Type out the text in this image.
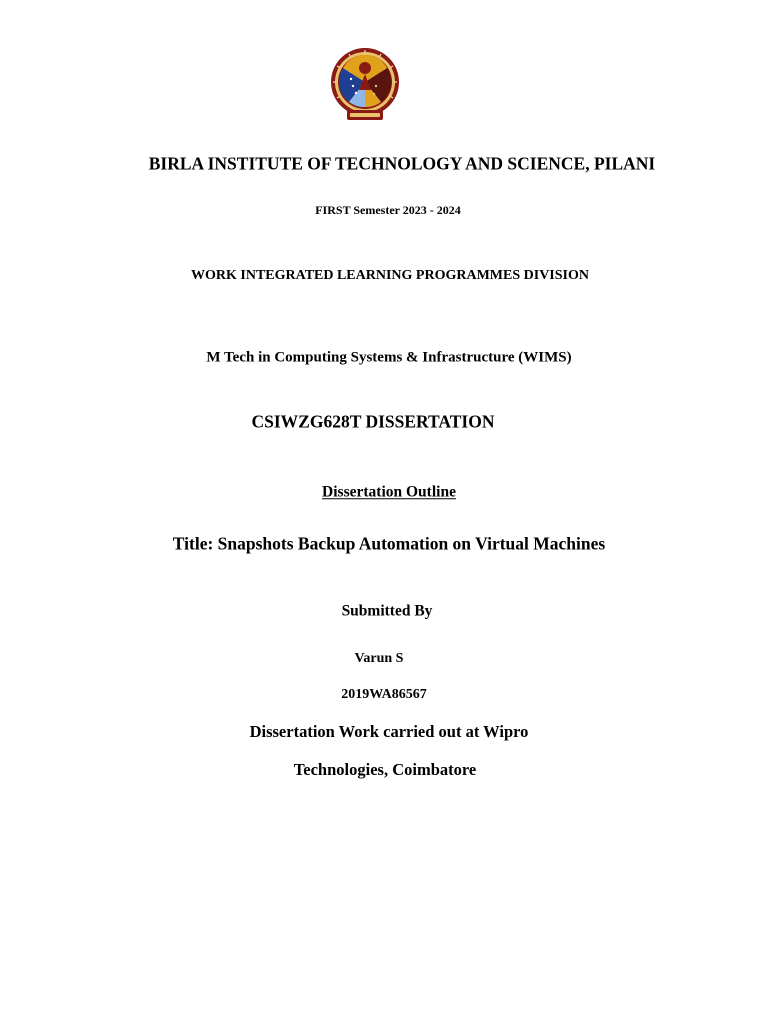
BIRLA INSTITUTE OF TECHNOLOGY AND SCIENCE, PILANI
FIRST Semester 2023 - 2024
WORK INTEGRATED LEARNING PROGRAMMES DIVISION
M Tech in Computing Systems & Infrastructure (WIMS)
CSIWZG628T DISSERTATION
Dissertation Outline
Title: Snapshots Backup Automation on Virtual Machines
Submitted By
Varun S
2019WA86567
Dissertation Work carried out at Wipro
Technologies, Coimbatore
